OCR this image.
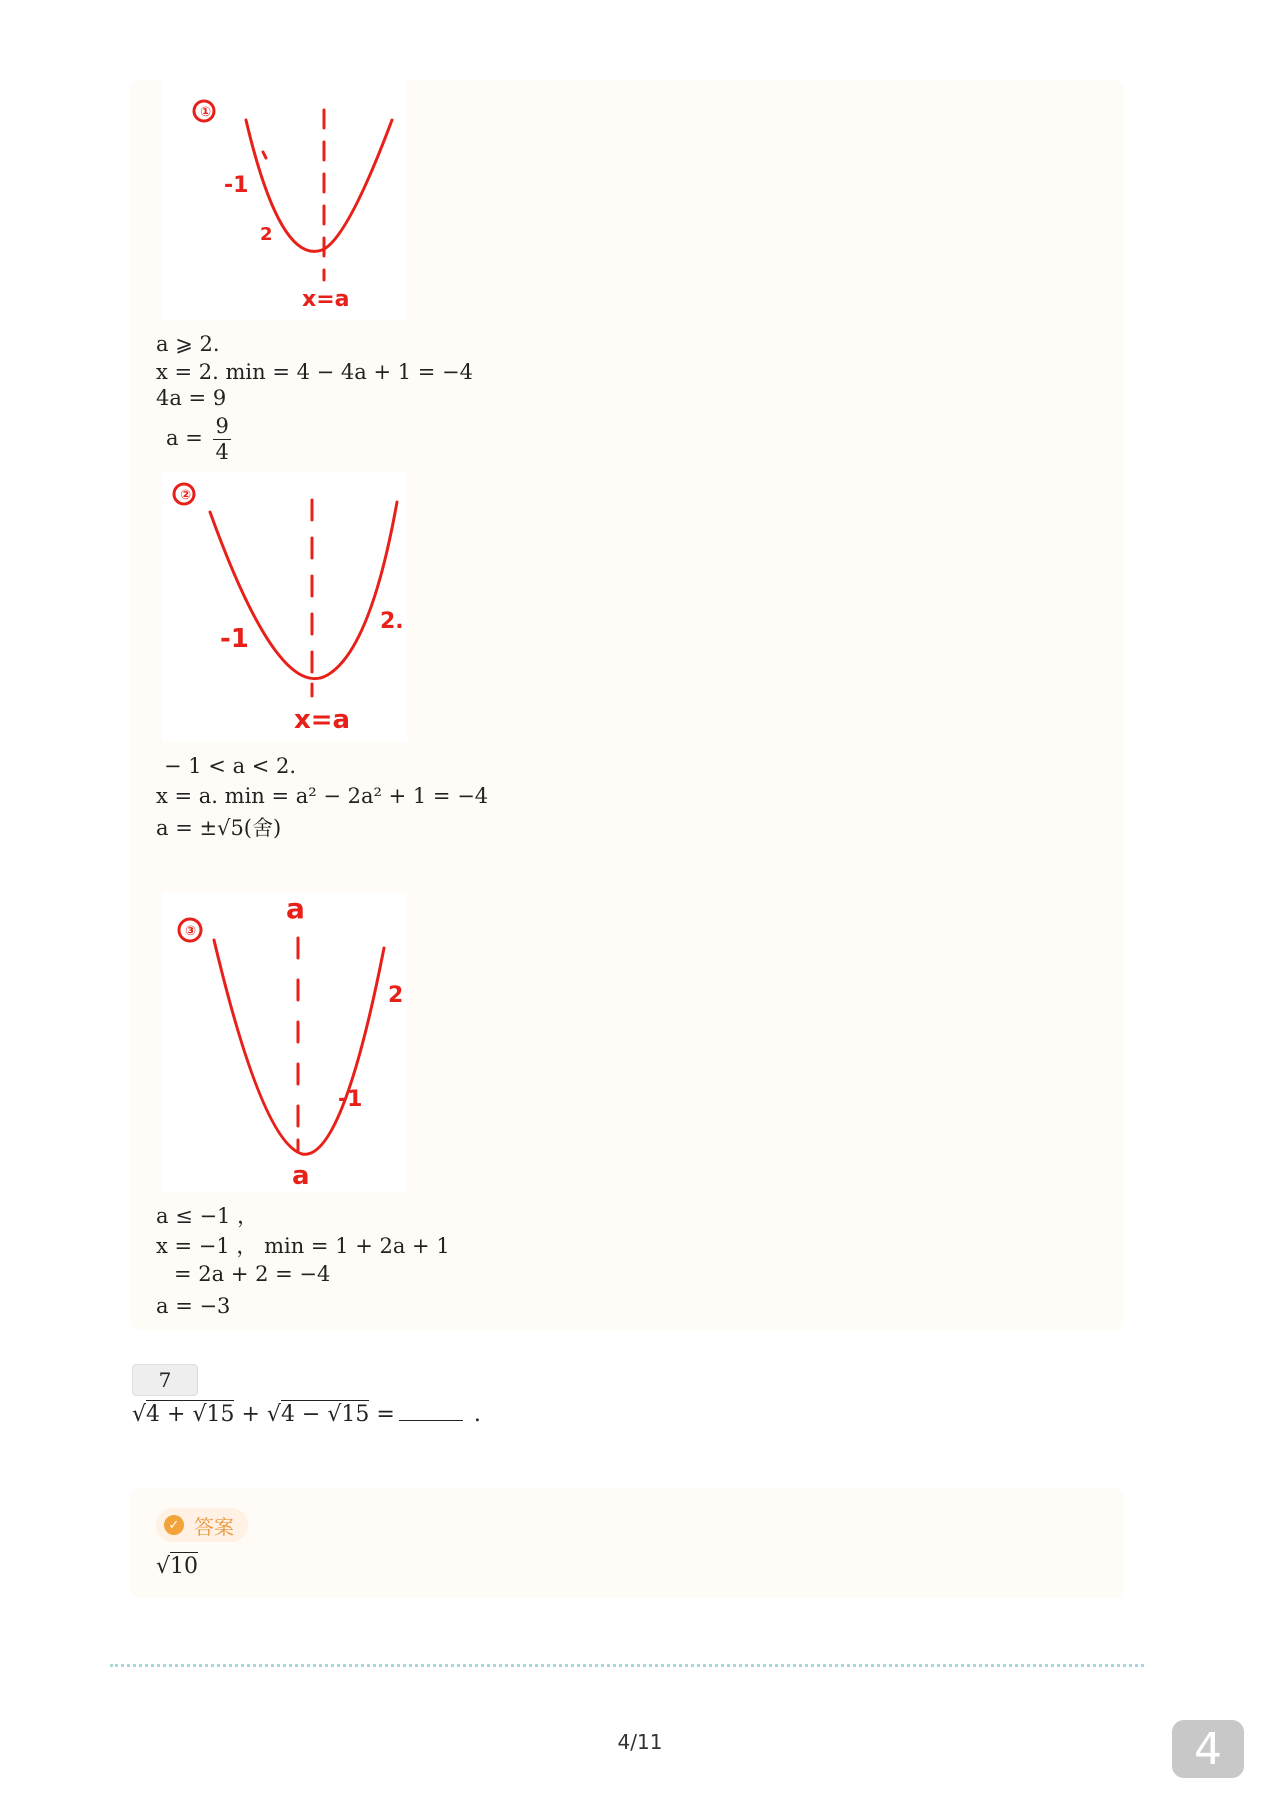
①
-1
2
x=a
a ⩾ 2.
x = 2. min = 4 − 4a + 1 = −4
4a = 9
$a = \frac{9}{4}$
②
-1
2.
x=a
− 1 < a < 2.
x = a. min = a² − 2a² + 1 = −4
a = ±√5(舍)
③
a
2
-1
a
a ≤ −1 ，
x = −1 ， min = 1 + 2a + 1
= 2a + 2 = −4
a = −3
7
√4 + √15 + √4 − √15 =	.
✓ 答案
√10
4/11	4
